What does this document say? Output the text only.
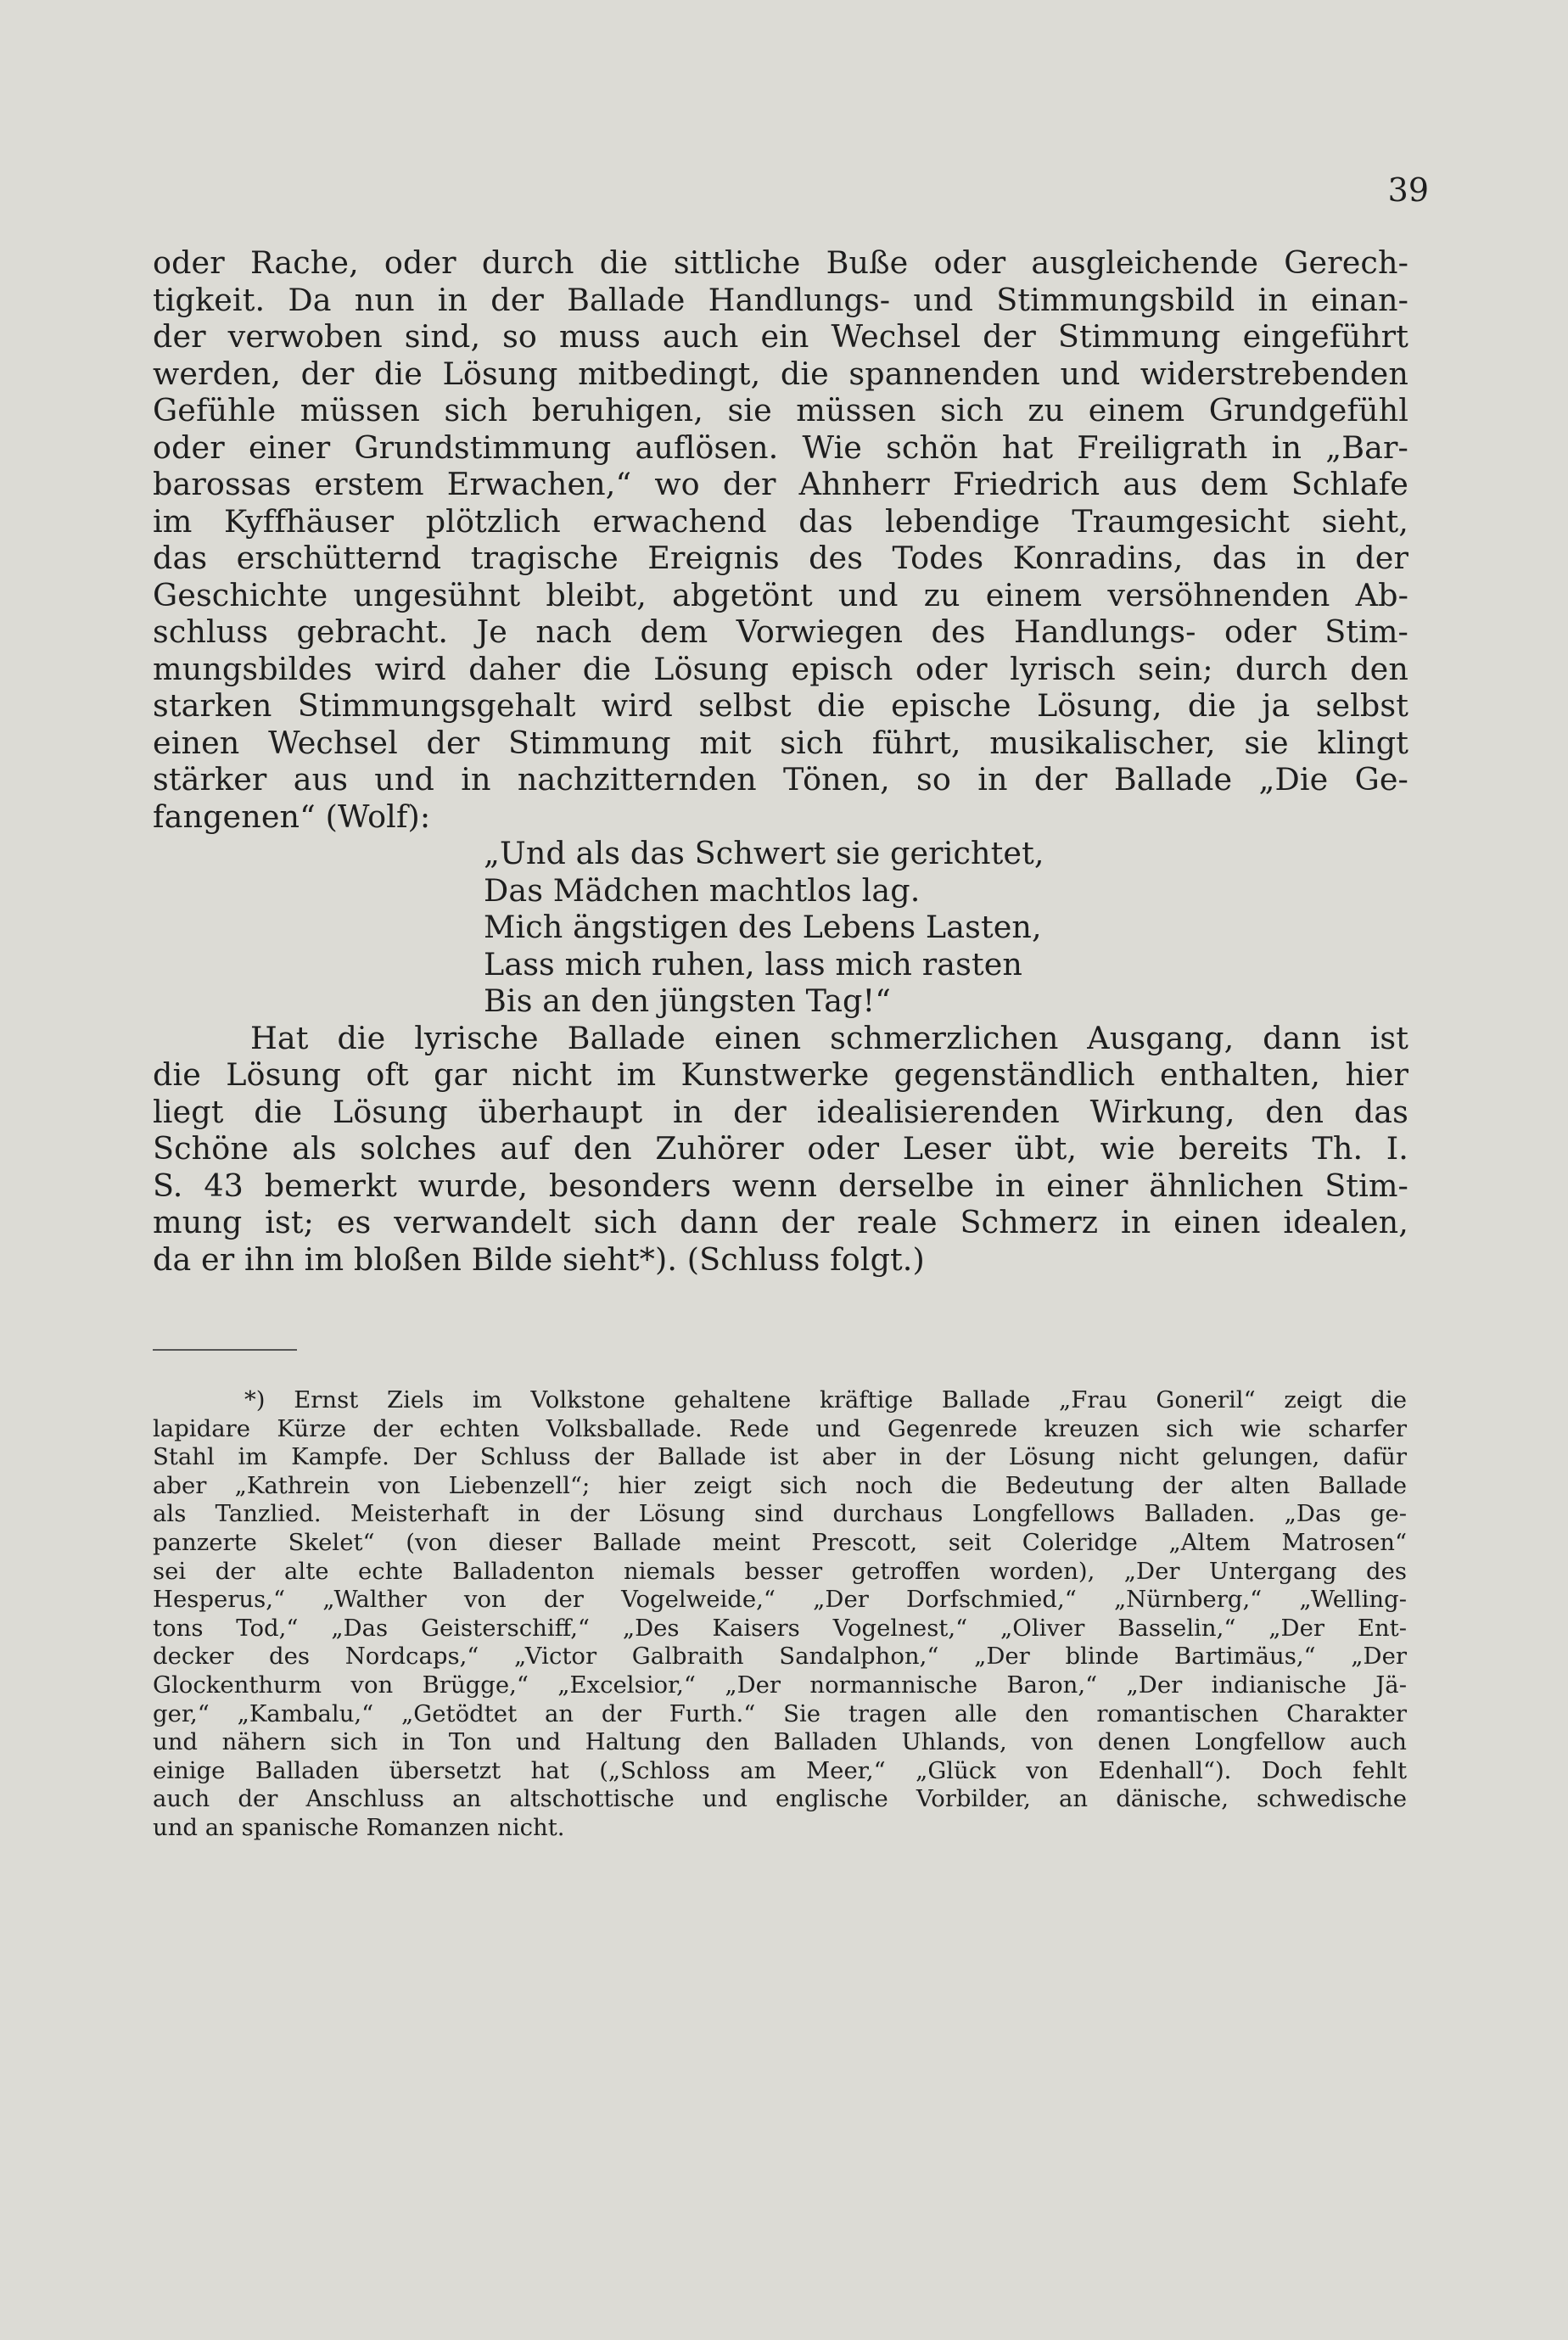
39
oder Rache, oder durch die sittliche Buße oder ausgleichende Gerech-
tigkeit. Da nun in der Ballade Handlungs- und Stimmungsbild in einan-
der verwoben sind, so muss auch ein Wechsel der Stimmung eingeführt
werden, der die Lösung mitbedingt, die spannenden und widerstrebenden
Gefühle müssen sich beruhigen, sie müssen sich zu einem Grundgefühl
oder einer Grundstimmung auflösen. Wie schön hat Freiligrath in „Bar-
barossas erstem Erwachen,“ wo der Ahnherr Friedrich aus dem Schlafe
im Kyffhäuser plötzlich erwachend das lebendige Traumgesicht sieht,
das erschütternd tragische Ereignis des Todes Konradins, das in der
Geschichte ungesühnt bleibt, abgetönt und zu einem versöhnenden Ab-
schluss gebracht. Je nach dem Vorwiegen des Handlungs- oder Stim-
mungsbildes wird daher die Lösung episch oder lyrisch sein; durch den
starken Stimmungsgehalt wird selbst die epische Lösung, die ja selbst
einen Wechsel der Stimmung mit sich führt, musikalischer, sie klingt
stärker aus und in nachzitternden Tönen, so in der Ballade „Die Ge-
fangenen“ (Wolf):
„Und als das Schwert sie gerichtet,
Das Mädchen machtlos lag.
Mich ängstigen des Lebens Lasten,
Lass mich ruhen, lass mich rasten
Bis an den jüngsten Tag!“
Hat die lyrische Ballade einen schmerzlichen Ausgang, dann ist
die Lösung oft gar nicht im Kunstwerke gegenständlich enthalten, hier
liegt die Lösung überhaupt in der idealisierenden Wirkung, den das
Schöne als solches auf den Zuhörer oder Leser übt, wie bereits Th. I.
S. 43 bemerkt wurde, besonders wenn derselbe in einer ähnlichen Stim-
mung ist; es verwandelt sich dann der reale Schmerz in einen idealen,
da er ihn im bloßen Bilde sieht*). (Schluss folgt.)
*) Ernst Ziels im Volkstone gehaltene kräftige Ballade „Frau Goneril“ zeigt die
lapidare Kürze der echten Volksballade. Rede und Gegenrede kreuzen sich wie scharfer
Stahl im Kampfe. Der Schluss der Ballade ist aber in der Lösung nicht gelungen, dafür
aber „Kathrein von Liebenzell“; hier zeigt sich noch die Bedeutung der alten Ballade
als Tanzlied. Meisterhaft in der Lösung sind durchaus Longfellows Balladen. „Das ge-
panzerte Skelet“ (von dieser Ballade meint Prescott, seit Coleridge „Altem Matrosen“
sei der alte echte Balladenton niemals besser getroffen worden), „Der Untergang des
Hesperus,“ „Walther von der Vogelweide,“ „Der Dorfschmied,“ „Nürnberg,“ „Welling-
tons Tod,“ „Das Geisterschiff,“ „Des Kaisers Vogelnest,“ „Oliver Basselin,“ „Der Ent-
decker des Nordcaps,“ „Victor Galbraith Sandalphon,“ „Der blinde Bartimäus,“ „Der
Glockenthurm von Brügge,“ „Excelsior,“ „Der normannische Baron,“ „Der indianische Jä-
ger,“ „Kambalu,“ „Getödtet an der Furth.“ Sie tragen alle den romantischen Charakter
und nähern sich in Ton und Haltung den Balladen Uhlands, von denen Longfellow auch
einige Balladen übersetzt hat („Schloss am Meer,“ „Glück von Edenhall“). Doch fehlt
auch der Anschluss an altschottische und englische Vorbilder, an dänische, schwedische
und an spanische Romanzen nicht.
